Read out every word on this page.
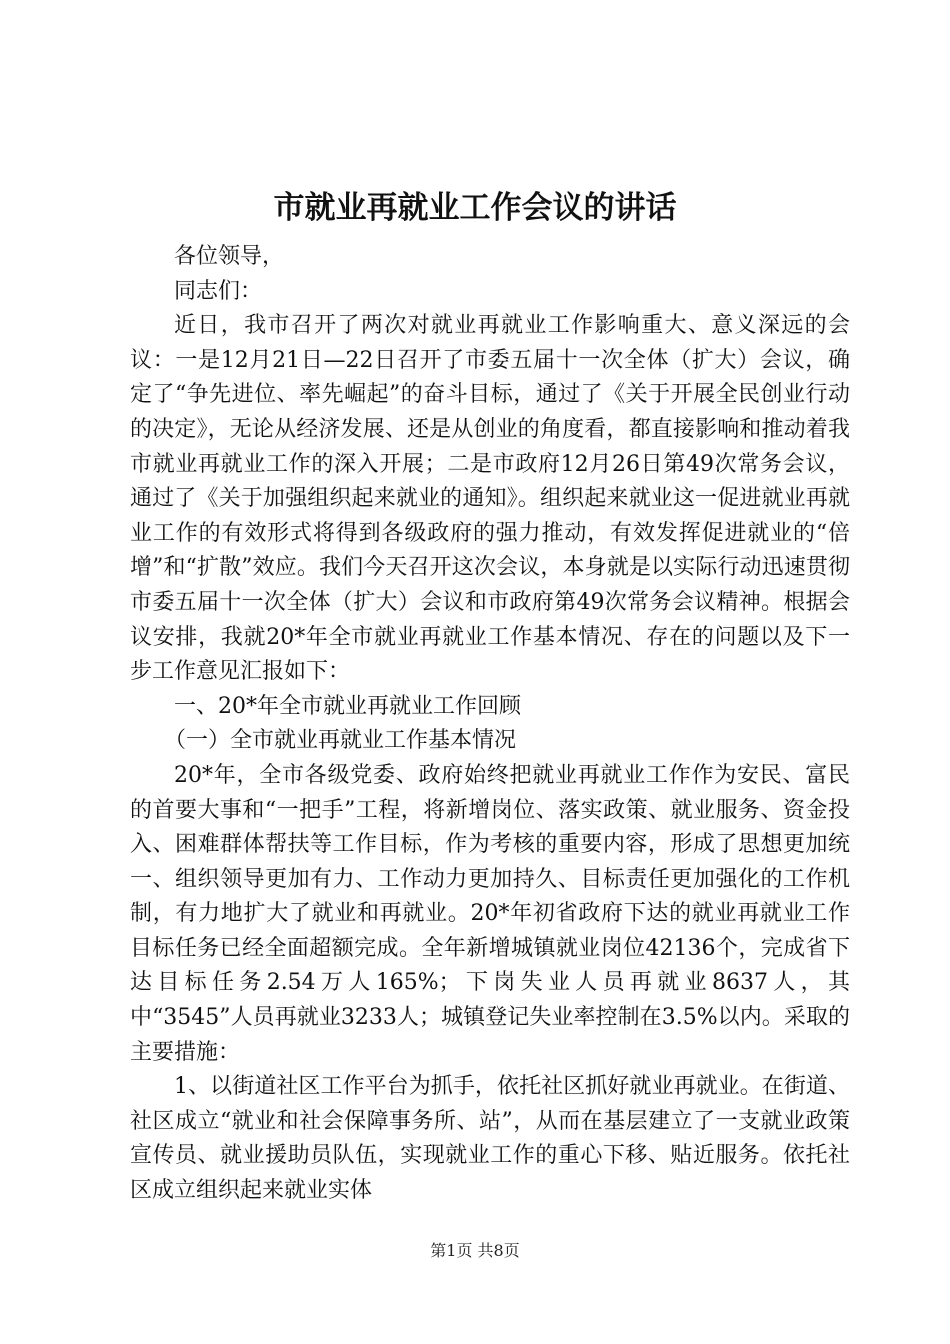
市就业再就业工作会议的讲话

各位领导，

同志们：

近日，我市召开了两次对就业再就业工作影响重大、意义深远的会议：一是12月21日—22日召开了市委五届十一次全体（扩大）会议，确定了“争先进位、率先崛起”的奋斗目标，通过了《关于开展全民创业行动的决定》，无论从经济发展、还是从创业的角度看，都直接影响和推动着我市就业再就业工作的深入开展；二是市政府12月26日第49次常务会议，通过了《关于加强组织起来就业的通知》。组织起来就业这一促进就业再就业工作的有效形式将得到各级政府的强力推动，有效发挥促进就业的“倍增”和“扩散”效应。我们今天召开这次会议，本身就是以实际行动迅速贯彻市委五届十一次全体（扩大）会议和市政府第49次常务会议精神。根据会议安排，我就20*年全市就业再就业工作基本情况、存在的问题以及下一步工作意见汇报如下：

一、20*年全市就业再就业工作回顾

（一）全市就业再就业工作基本情况

20*年，全市各级党委、政府始终把就业再就业工作作为安民、富民的首要大事和“一把手”工程，将新增岗位、落实政策、就业服务、资金投入、困难群体帮扶等工作目标，作为考核的重要内容，形成了思想更加统一、组织领导更加有力、工作动力更加持久、目标责任更加强化的工作机制，有力地扩大了就业和再就业。20*年初省政府下达的就业再就业工作目标任务已经全面超额完成。全年新增城镇就业岗位42136个，完成省下达目标任务2.54万人165%；下岗失业人员再就业8637人，其中“3545”人员再就业3233人；城镇登记失业率控制在3.5%以内。采取的主要措施：

1、以街道社区工作平台为抓手，依托社区抓好就业再就业。在街道、社区成立“就业和社会保障事务所、站”，从而在基层建立了一支就业政策宣传员、就业援助员队伍，实现就业工作的重心下移、贴近服务。依托社区成立组织起来就业实体

第1页 共8页
